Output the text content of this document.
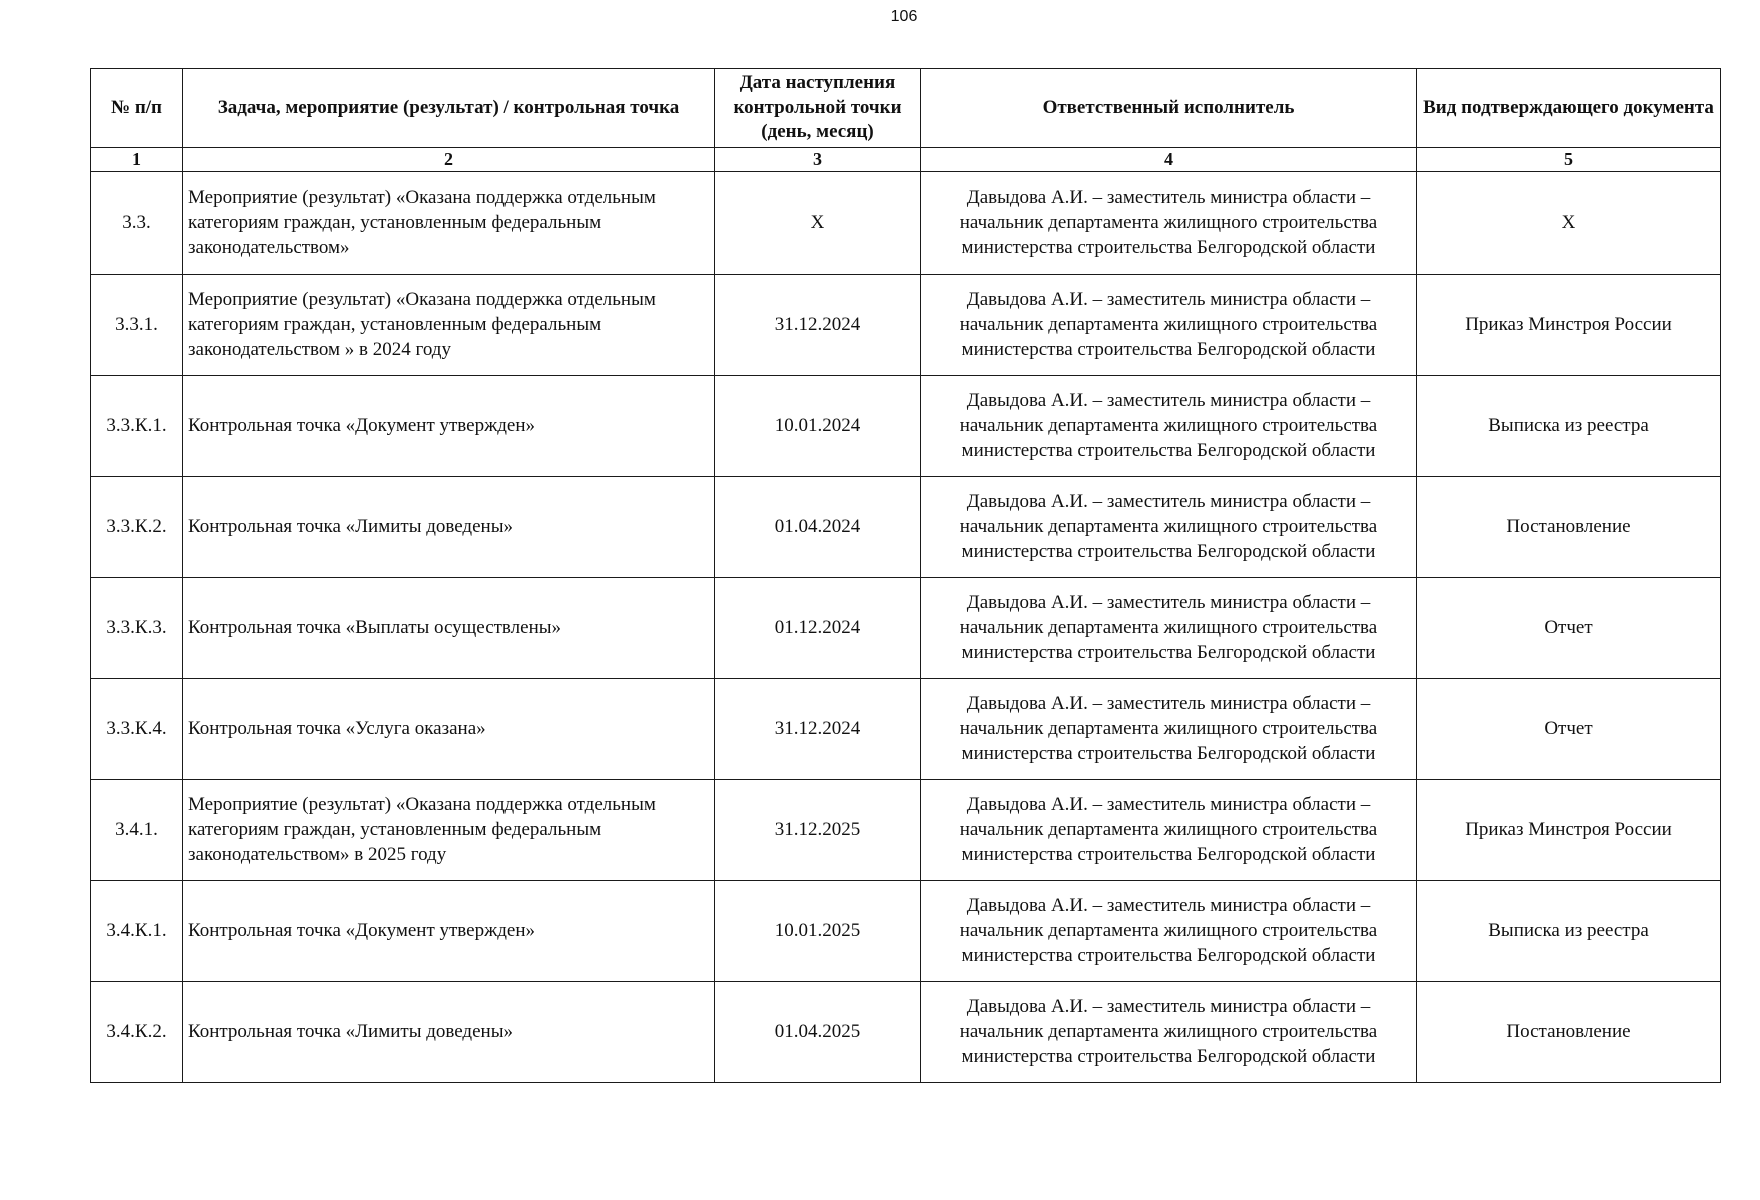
106
№ п/п	Задача, мероприятие (результат) / контрольная точка	Дата наступления контрольной точки (день, месяц)	Ответственный исполнитель	Вид подтверждающего документа
1	2	3	4	5
3.3.	Мероприятие (результат) «Оказана поддержка отдельным категориям граждан, установленным федеральным законодательством»	X	Давыдова А.И. – заместитель министра области – начальник департамента жилищного строительства министерства строительства Белгородской области	X
3.3.1.	Мероприятие (результат) «Оказана поддержка отдельным категориям граждан, установленным федеральным законодательством » в 2024 году	31.12.2024	Давыдова А.И. – заместитель министра области – начальник департамента жилищного строительства министерства строительства Белгородской области	Приказ Минстроя России
3.3.К.1.	Контрольная точка «Документ утвержден»	10.01.2024	Давыдова А.И. – заместитель министра области – начальник департамента жилищного строительства министерства строительства Белгородской области	Выписка из реестра
3.3.К.2.	Контрольная точка «Лимиты доведены»	01.04.2024	Давыдова А.И. – заместитель министра области – начальник департамента жилищного строительства министерства строительства Белгородской области	Постановление
3.3.К.3.	Контрольная точка «Выплаты осуществлены»	01.12.2024	Давыдова А.И. – заместитель министра области – начальник департамента жилищного строительства министерства строительства Белгородской области	Отчет
3.3.К.4.	Контрольная точка «Услуга оказана»	31.12.2024	Давыдова А.И. – заместитель министра области – начальник департамента жилищного строительства министерства строительства Белгородской области	Отчет
3.4.1.	Мероприятие (результат) «Оказана поддержка отдельным категориям граждан, установленным федеральным законодательством» в 2025 году	31.12.2025	Давыдова А.И. – заместитель министра области – начальник департамента жилищного строительства министерства строительства Белгородской области	Приказ Минстроя России
3.4.К.1.	Контрольная точка «Документ утвержден»	10.01.2025	Давыдова А.И. – заместитель министра области – начальник департамента жилищного строительства министерства строительства Белгородской области	Выписка из реестра
3.4.К.2.	Контрольная точка «Лимиты доведены»	01.04.2025	Давыдова А.И. – заместитель министра области – начальник департамента жилищного строительства министерства строительства Белгородской области	Постановление
